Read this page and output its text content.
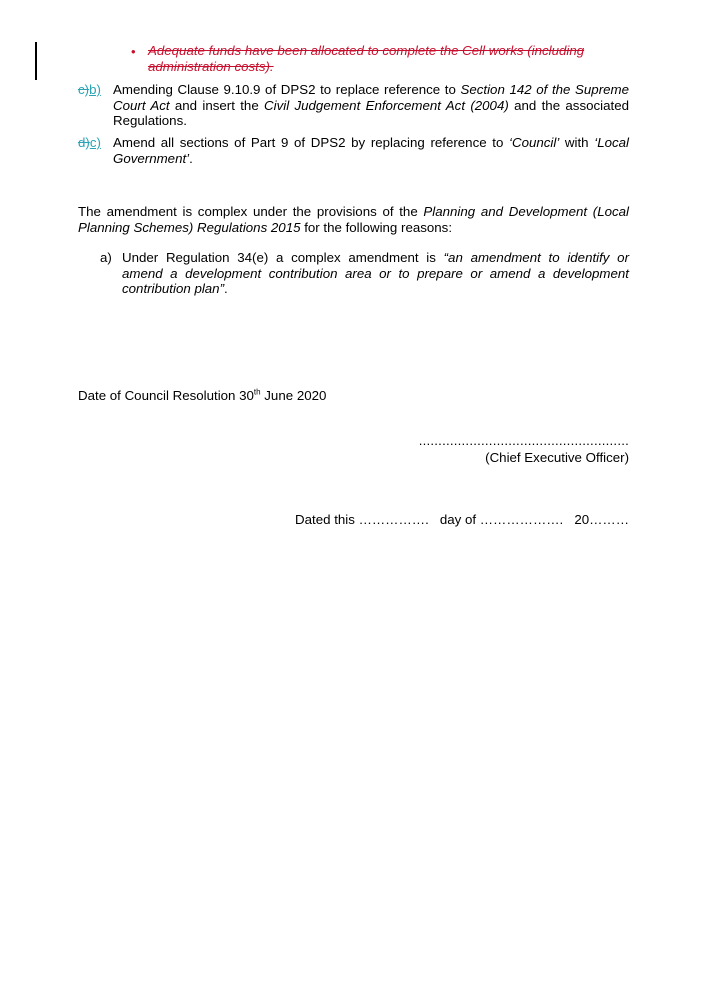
• Adequate funds have been allocated to complete the Cell works (including
administration costs).
c)b) Amending Clause 9.10.9 of DPS2 to replace reference to Section 142 of the Supreme Court Act and insert the Civil Judgement Enforcement Act (2004) and the associated Regulations.
d)c) Amend all sections of Part 9 of DPS2 by replacing reference to ‘Council’ with ‘Local Government’.
The amendment is complex under the provisions of the Planning and Development (Local Planning Schemes) Regulations 2015 for the following reasons:
a) Under Regulation 34(e) a complex amendment is “an amendment to identify or amend a development contribution area or to prepare or amend a development contribution plan”.
Date of Council Resolution 30th June 2020
......................................................
(Chief Executive Officer)
Dated this …………….   day of ……………….   20………
